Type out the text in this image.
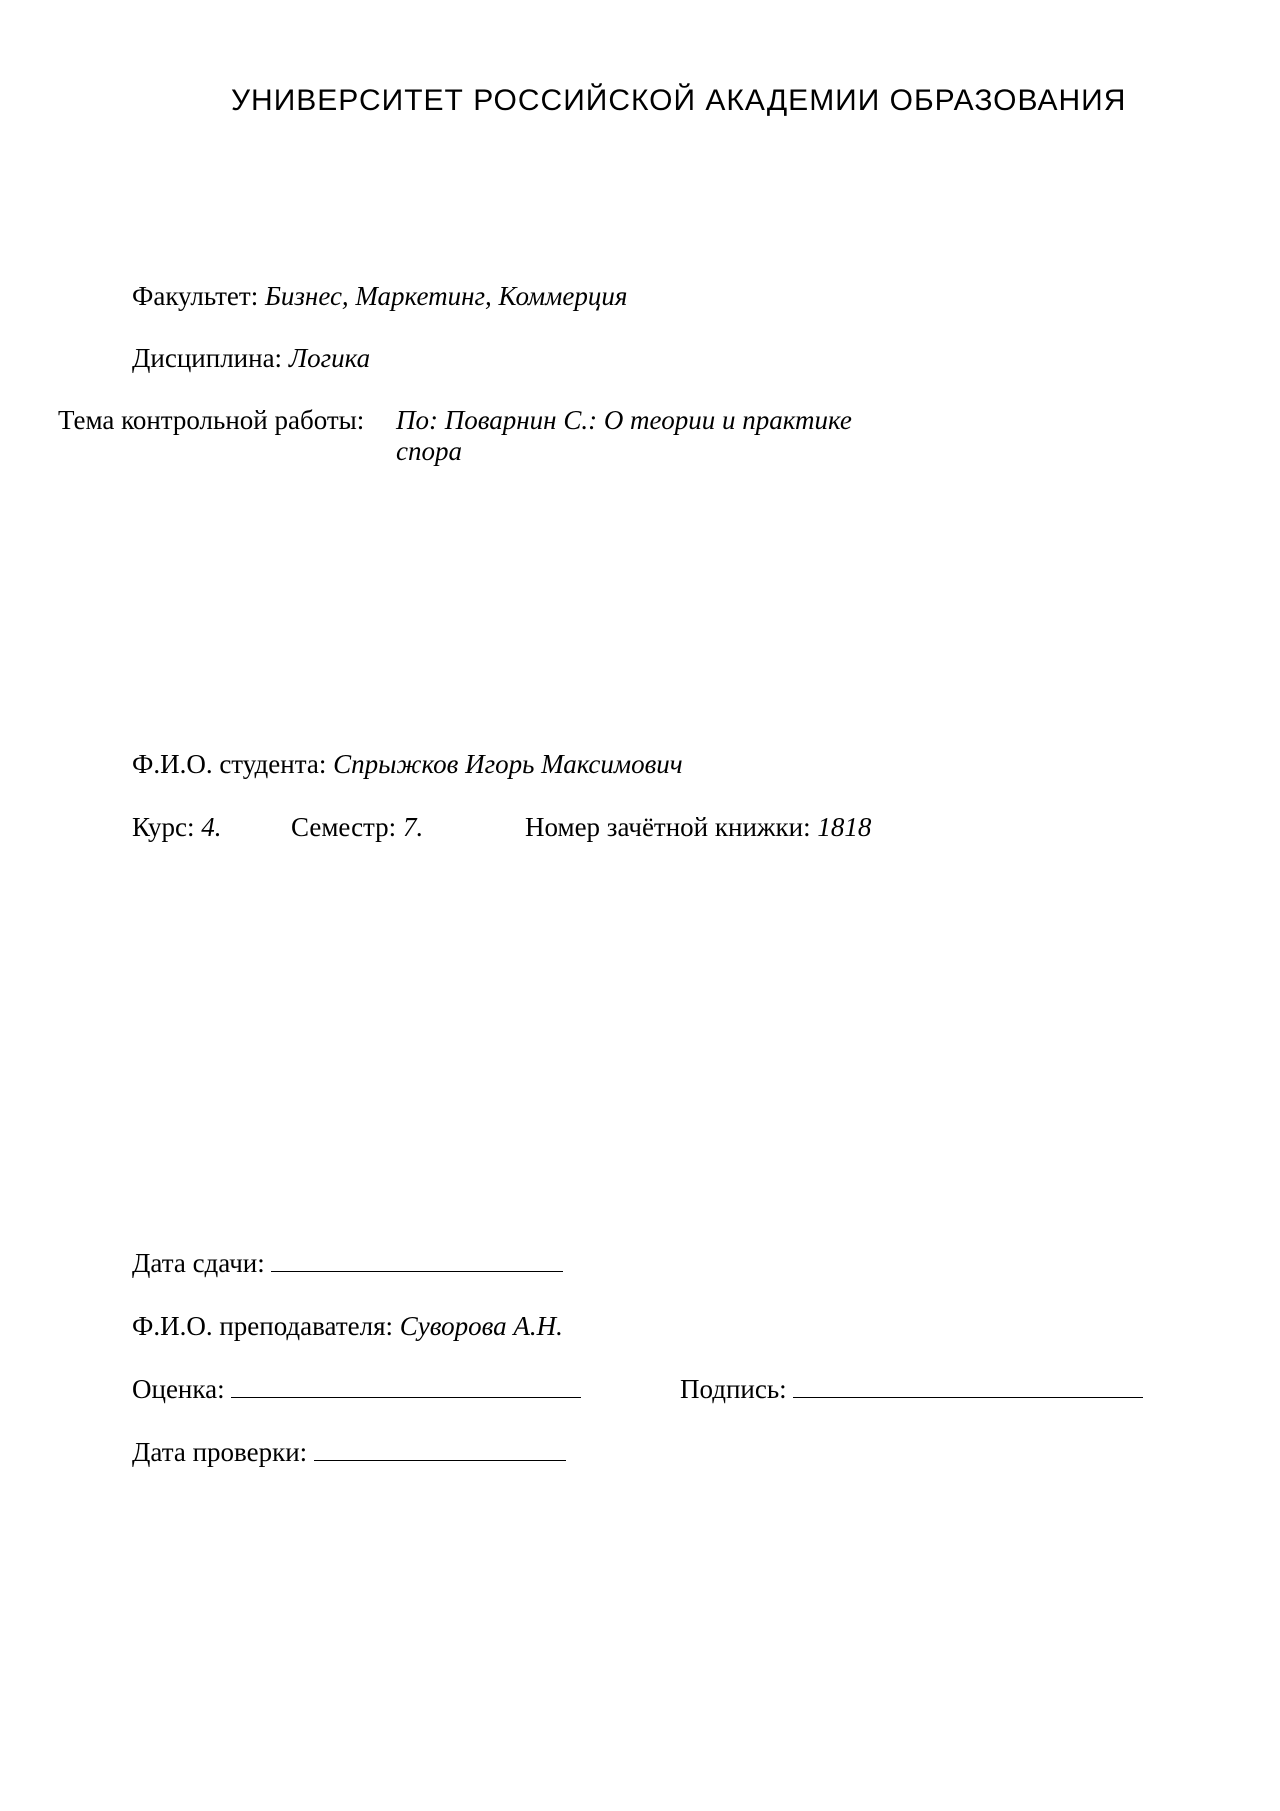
УНИВЕРСИТЕТ РОССИЙСКОЙ АКАДЕМИИ ОБРАЗОВАНИЯ
Факультет: Бизнес, Маркетинг, Коммерция
Дисциплина: Логика
Тема контрольной работы: По: Поварнин С.: О теории и практике спора
Ф.И.О. студента: Спрыжков Игорь Максимович
Курс: 4.	Семестр: 7.	Номер зачётной книжки: 1818
Дата сдачи:
Ф.И.О. преподавателя: Суворова А.Н.
Оценка:	Подпись:
Дата проверки:
